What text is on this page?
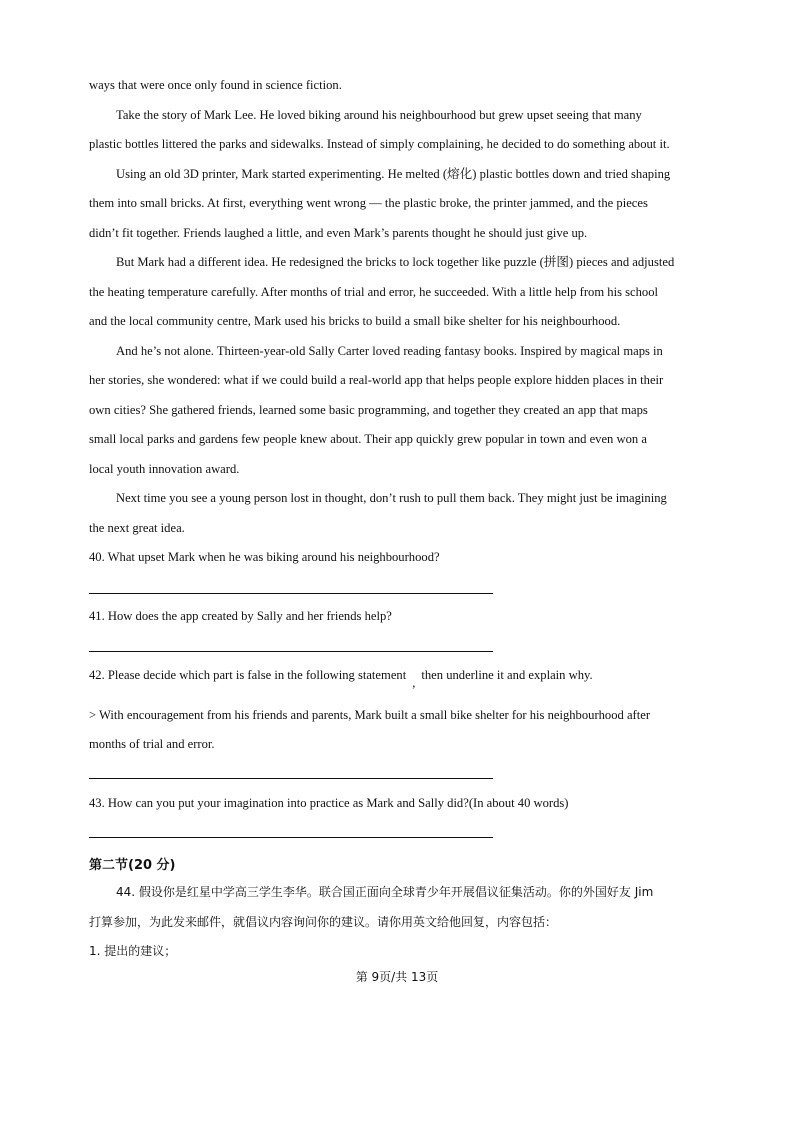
ways that were once only found in science fiction.
Take the story of Mark Lee. He loved biking around his neighbourhood but grew upset seeing that many
plastic bottles littered the parks and sidewalks. Instead of simply complaining, he decided to do something about it.
Using an old 3D printer, Mark started experimenting. He melted (熔化) plastic bottles down and tried shaping
them into small bricks. At first, everything went wrong — the plastic broke, the printer jammed, and the pieces
didn’t fit together. Friends laughed a little, and even Mark’s parents thought he should just give up.
But Mark had a different idea. He redesigned the bricks to lock together like puzzle (拼图) pieces and adjusted
the heating temperature carefully. After months of trial and error, he succeeded. With a little help from his school
and the local community centre, Mark used his bricks to build a small bike shelter for his neighbourhood.
And he’s not alone. Thirteen-year-old Sally Carter loved reading fantasy books. Inspired by magical maps in
her stories, she wondered: what if we could build a real-world app that helps people explore hidden places in their
own cities? She gathered friends, learned some basic programming, and together they created an app that maps
small local parks and gardens few people knew about. Their app quickly grew popular in town and even won a
local youth innovation award.
Next time you see a young person lost in thought, don’t rush to pull them back. They might just be imagining
the next great idea.
40. What upset Mark when he was biking around his neighbourhood?
41. How does the app created by Sally and her friends help?
42. Please decide which part is false in the following statement,then underline it and explain why.
> With encouragement from his friends and parents, Mark built a small bike shelter for his neighbourhood after
months of trial and error.
43. How can you put your imagination into practice as Mark and Sally did?(In about 40 words)
第二节(20 分)
44. 假设你是红星中学高三学生李华。联合国正面向全球青少年开展倡议征集活动。你的外国好友 Jim
打算参加，为此发来邮件，就倡议内容询问你的建议。请你用英文给他回复，内容包括：
1. 提出的建议；
第 9页/共 13页
